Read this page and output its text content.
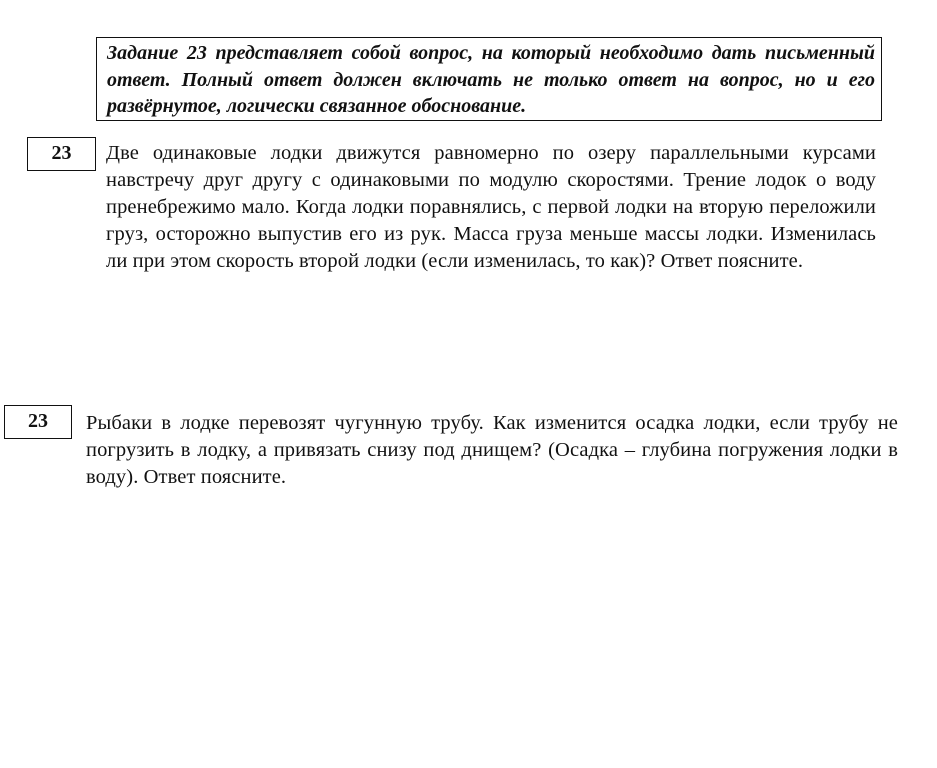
Задание 23 представляет собой вопрос, на который необходимо дать письменный ответ. Полный ответ должен включать не только ответ на вопрос, но и его развёрнутое, логически связанное обоснование.
23	Две одинаковые лодки движутся равномерно по озеру параллельными курсами навстречу друг другу с одинаковыми по модулю скоростями. Трение лодок о воду пренебрежимо мало. Когда лодки поравнялись, с первой лодки на вторую переложили груз, осторожно выпустив его из рук. Масса груза меньше массы лодки. Изменилась ли при этом скорость второй лодки (если изменилась, то как)? Ответ поясните.
23	Рыбаки в лодке перевозят чугунную трубу. Как изменится осадка лодки, если трубу не погрузить в лодку, а привязать снизу под днищем? (Осадка – глубина погружения лодки в воду). Ответ поясните.
